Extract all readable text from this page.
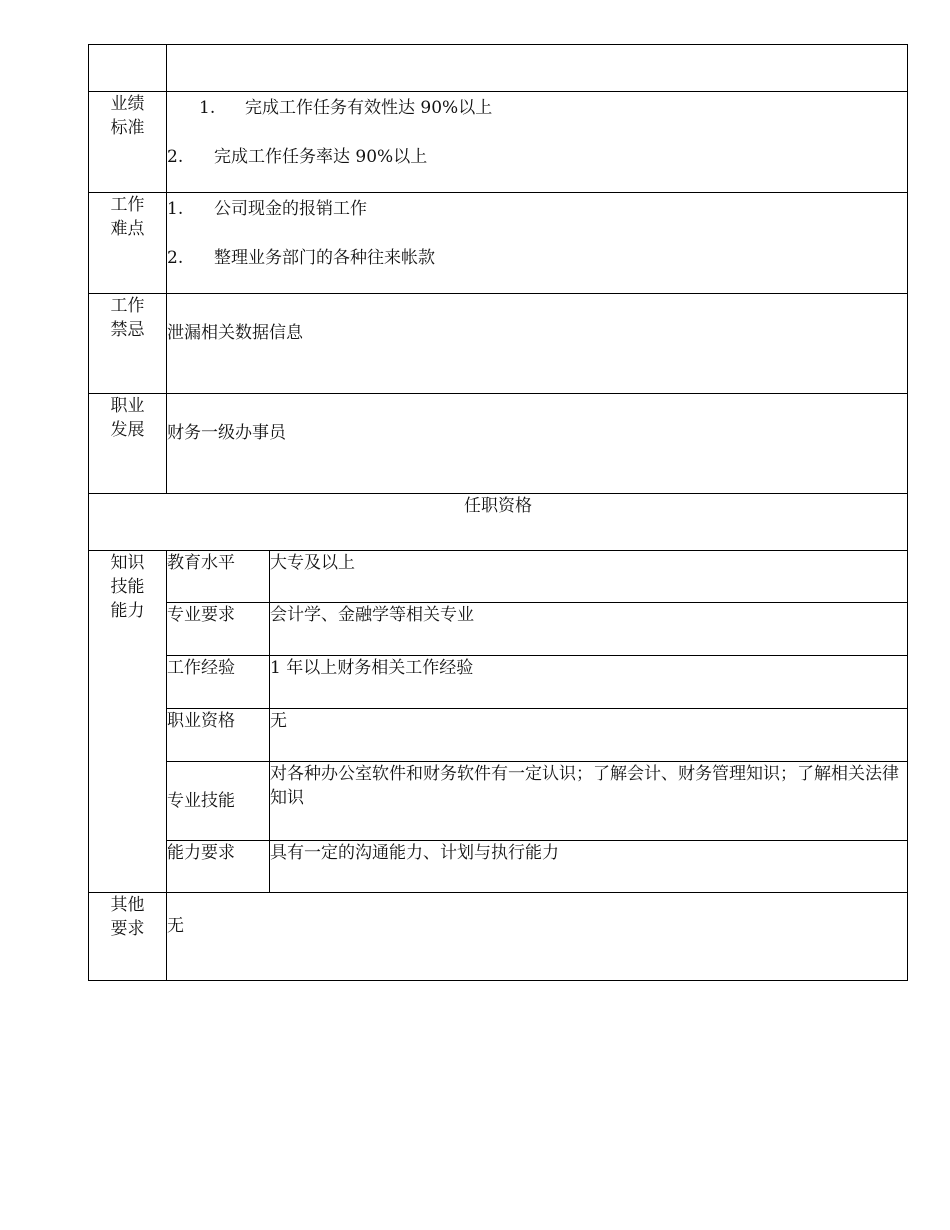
业绩
标准	1. 完成工作任务有效性达 90%以上
2. 完成工作任务率达 90%以上	

工作
难点	1. 公司现金的报销工作
2. 整理业务部门的各种往来帐款	

工作
禁忌	泄漏相关数据信息	

职业
发展	财务一级办事员	

任职资格		

知识
技能
能力	教育水平	大专及以上
	专业要求	会计学、金融学等相关专业
	工作经验	1 年以上财务相关工作经验
	职业资格	无
	专业技能	对各种办公室软件和财务软件有一定认识；了解会计、财务管理知识；了解相关法律知识
	能力要求	具有一定的沟通能力、计划与执行能力

其他
要求	无	
